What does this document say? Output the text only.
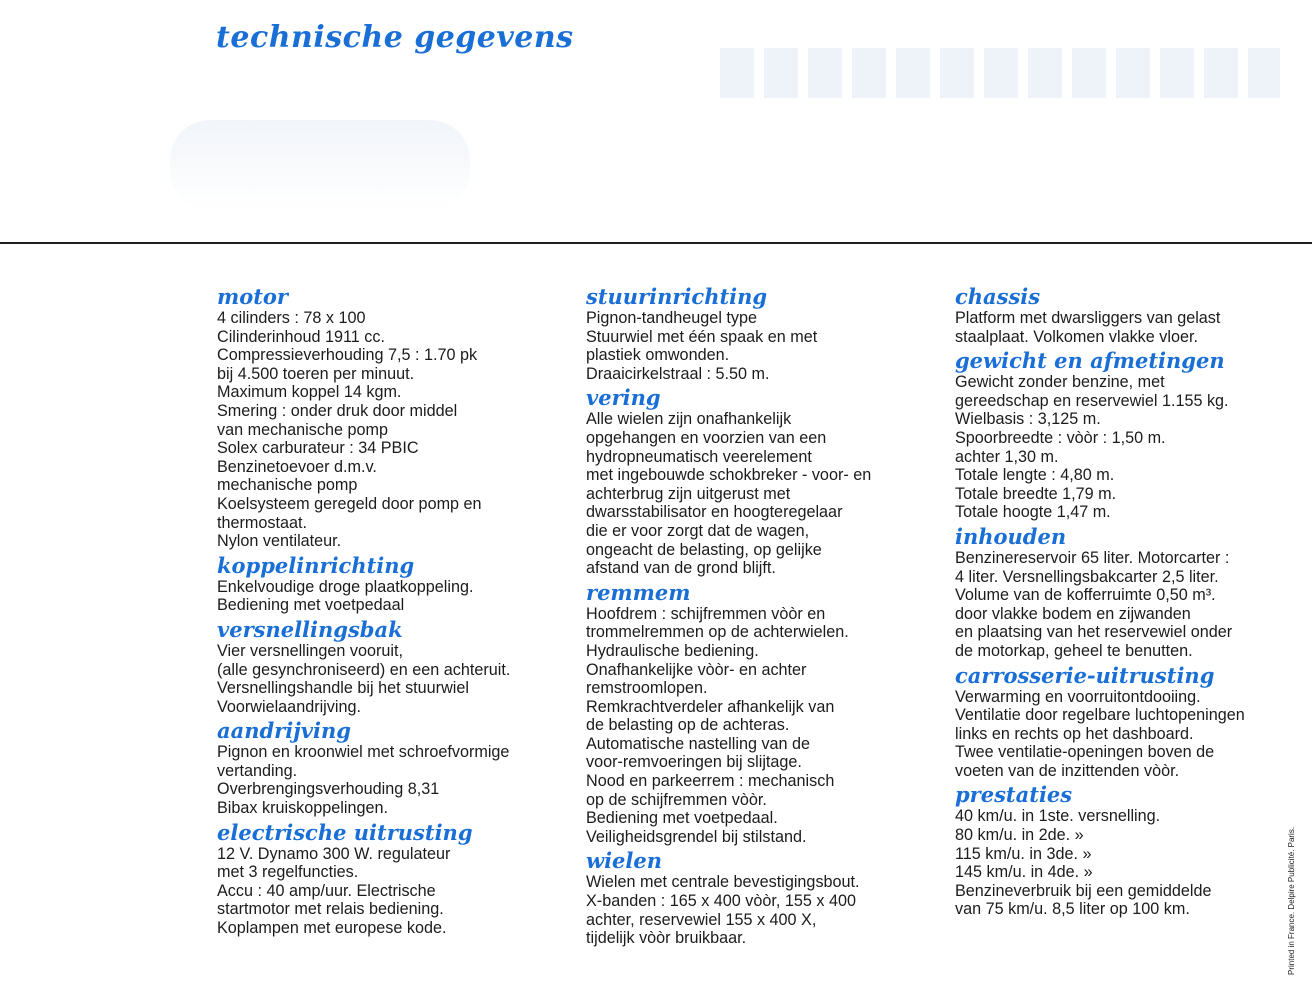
technische gegevens
motor
4 cilinders : 78 x 100
Cilinderinhoud 1911 cc.
Compressieverhouding 7,5 : 1.70 pk
bij 4.500 toeren per minuut.
Maximum koppel 14 kgm.
Smering : onder druk door middel
van mechanische pomp
Solex carburateur : 34 PBIC
Benzinetoevoer d.m.v.
mechanische pomp
Koelsysteem geregeld door pomp en
thermostaat.
Nylon ventilateur.
koppelinrichting
Enkelvoudige droge plaatkoppeling.
Bediening met voetpedaal
versnellingsbak
Vier versnellingen vooruit,
(alle gesynchroniseerd) en een achteruit.
Versnellingshandle bij het stuurwiel
Voorwielaandrijving.
aandrijving
Pignon en kroonwiel met schroefvormige
vertanding.
Overbrengingsverhouding 8,31
Bibax kruiskoppelingen.
electrische uitrusting
12 V. Dynamo 300 W. regulateur
met 3 regelfuncties.
Accu : 40 amp/uur. Electrische
startmotor met relais bediening.
Koplampen met europese kode.
stuurinrichting
Pignon-tandheugel type
Stuurwiel met één spaak en met
plastiek omwonden.
Draaicirkelstraal : 5.50 m.
vering
Alle wielen zijn onafhankelijk
opgehangen en voorzien van een
hydropneumatisch veerelement
met ingebouwde schokbreker - voor- en
achterbrug zijn uitgerust met
dwarsstabilisator en hoogteregelaar
die er voor zorgt dat de wagen,
ongeacht de belasting, op gelijke
afstand van de grond blijft.
remmem
Hoofdrem : schijfremmen vòòr en
trommelremmen op de achterwielen.
Hydraulische bediening.
Onafhankelijke vòòr- en achter
remstroomlopen.
Remkrachtverdeler afhankelijk van
de belasting op de achteras.
Automatische nastelling van de
voor-remvoeringen bij slijtage.
Nood en parkeerrem : mechanisch
op de schijfremmen vòòr.
Bediening met voetpedaal.
Veiligheidsgrendel bij stilstand.
wielen
Wielen met centrale bevestigingsbout.
X-banden : 165 x 400 vòòr, 155 x 400
achter, reservewiel 155 x 400 X,
tijdelijk vòòr bruikbaar.
chassis
Platform met dwarsliggers van gelast
staalplaat. Volkomen vlakke vloer.
gewicht en afmetingen
Gewicht zonder benzine, met
gereedschap en reservewiel 1.155 kg.
Wielbasis : 3,125 m.
Spoorbreedte : vòòr : 1,50 m.
achter 1,30 m.
Totale lengte : 4,80 m.
Totale breedte 1,79 m.
Totale hoogte 1,47 m.
inhouden
Benzinereservoir 65 liter. Motorcarter :
4 liter. Versnellingsbakcarter 2,5 liter.
Volume van de kofferruimte 0,50 m³.
door vlakke bodem en zijwanden
en plaatsing van het reservewiel onder
de motorkap, geheel te benutten.
carrosserie-uitrusting
Verwarming en voorruitontdooiing.
Ventilatie door regelbare luchtopeningen
links en rechts op het dashboard.
Twee ventilatie-openingen boven de
voeten van de inzittenden vòòr.
prestaties
40 km/u. in 1ste. versnelling.
80 km/u. in 2de. »
115 km/u. in 3de. »
145 km/u. in 4de. »
Benzineverbruik bij een gemiddelde
van 75 km/u. 8,5 liter op 100 km.	Printed in France. Delpire Publicité. Paris.
